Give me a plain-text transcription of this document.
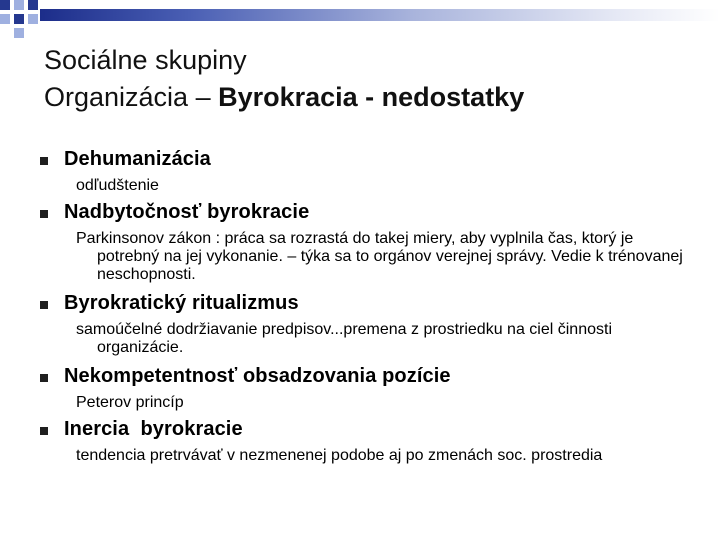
Sociálne skupiny
Organizácia – Byrokracia - nedostatky
Dehumanizácia
odľudštenie
Nadbytočnosť byrokracie
Parkinsonov zákon : práca sa rozrastá do takej miery, aby vyplnila čas, ktorý je potrebný na jej vykonanie. – týka sa to orgánov verejnej správy. Vedie k trénovanej neschopnosti.
Byrokratický ritualizmus
samoúčelné dodržiavanie predpisov...premena z prostriedku na ciel činnosti organizácie.
Nekompetentnosť obsadzovania pozície
Peterov princíp
Inercia  byrokracie
tendencia pretrvávať v nezmenenej podobe aj po zmenách soc. prostredia
